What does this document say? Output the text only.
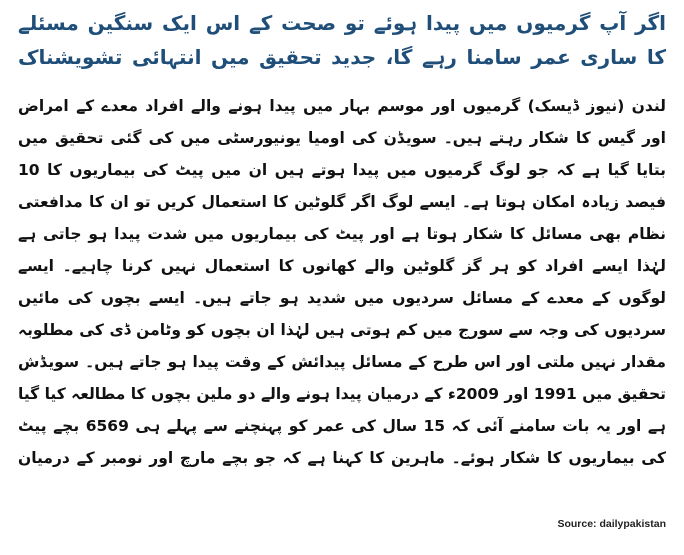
اگر آپ گرمیوں میں پیدا ہوئے تو صحت کے اس ایک سنگین مسئلے کا ساری عمر سامنا رہے گا، جدید تحقیق میں انتہائی تشویشناک

لندن (نیوز ڈیسک) گرمیوں اور موسم بہار میں پیدا ہونے والے افراد معدے کے امراض اور گیس کا شکار رہتے ہیں۔ سویڈن کی اومیا یونیورسٹی میں کی گئی تحقیق میں بتایا گیا ہے کہ جو لوگ گرمیوں میں پیدا ہوتے ہیں ان میں پیٹ کی بیماریوں کا 10 فیصد زیادہ امکان ہوتا ہے۔ ایسے لوگ اگر گلوٹین کا استعمال کریں تو ان کا مدافعتی نظام بھی مسائل کا شکار ہوتا ہے اور پیٹ کی بیماریوں میں شدت پیدا ہو جاتی ہے لہٰذا ایسے افراد کو ہر گز گلوٹین والے کھانوں کا استعمال نہیں کرنا چاہیے۔ ایسے لوگوں کے معدے کے مسائل سردیوں میں شدید ہو جاتے ہیں۔ ایسے بچوں کی مائیں سردیوں کی وجہ سے سورج میں کم ہوتی ہیں لہٰذا ان بچوں کو وٹامن ڈی کی مطلوبہ مقدار نہیں ملتی اور اس طرح کے مسائل پیدائش کے وقت پیدا ہو جاتے ہیں۔ سویڈش تحقیق میں 1991 اور 2009ء کے درمیان پیدا ہونے والے دو ملین بچوں کا مطالعہ کیا گیا ہے اور یہ بات سامنے آئی کہ 15 سال کی عمر کو پہنچنے سے پہلے ہی 6569 بچے پیٹ کی بیماریوں کا شکار ہوئے۔ ماہرین کا کہنا ہے کہ جو بچے مارچ اور نومبر کے درمیان

Source: dailypakistan
